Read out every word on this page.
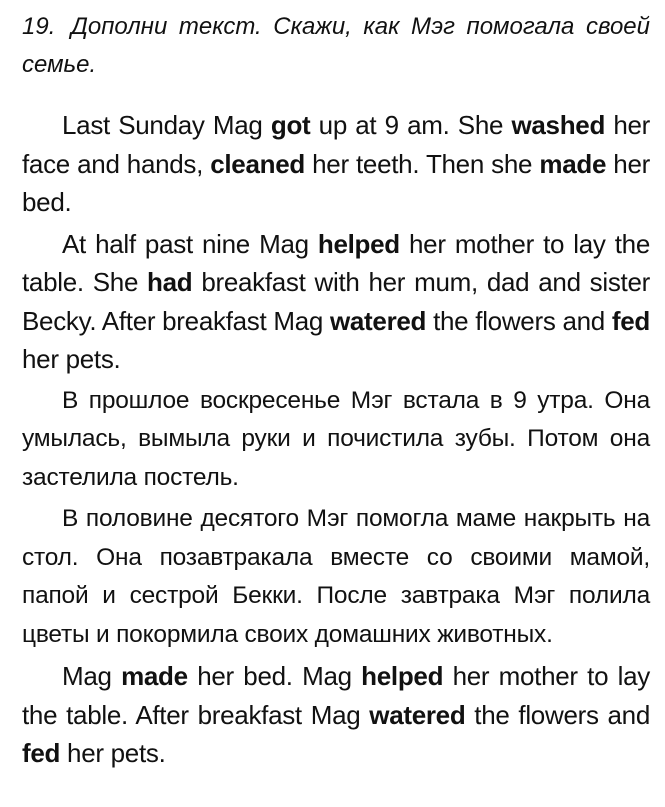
19. Дополни текст. Скажи, как Мэг помогала своей семье.

Last Sunday Mag got up at 9 am. She washed her face and hands, cleaned her teeth. Then she made her bed.

At half past nine Mag helped her mother to lay the table. She had breakfast with her mum, dad and sister Becky. After breakfast Mag watered the flowers and fed her pets.

В прошлое воскресенье Мэг встала в 9 утра. Она умылась, вымыла руки и почистила зубы. Потом она застелила постель.

В половине десятого Мэг помогла маме накрыть на стол. Она позавтракала вместе со своими мамой, папой и сестрой Бекки. После завтрака Мэг полила цветы и покормила своих домашних животных.

Mag made her bed. Mag helped her mother to lay the table. After breakfast Mag watered the flowers and fed her pets.
